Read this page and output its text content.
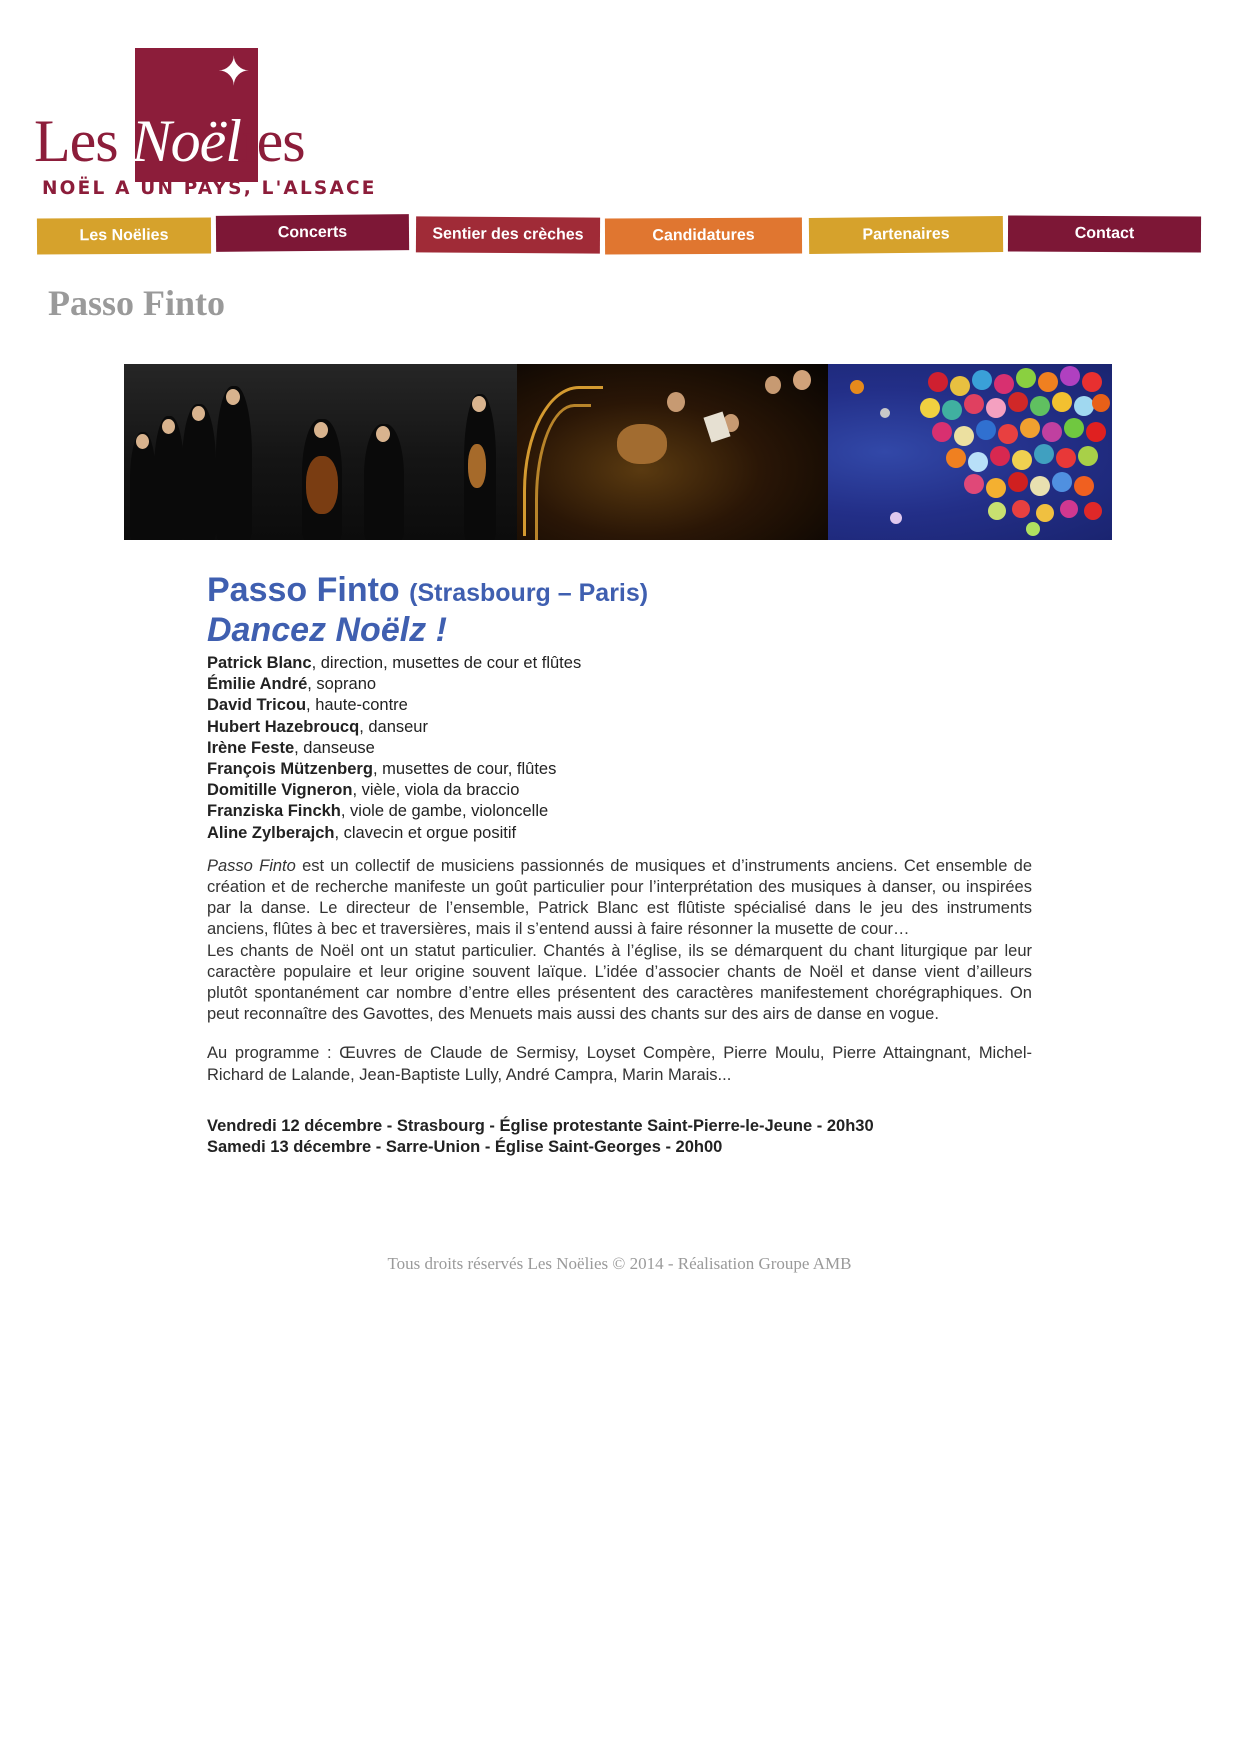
✦
Les Noëlies
NOËL A UN PAYS, L'ALSACE
Les Noëlies	Concerts	Sentier des crèches	Candidatures	Partenaires	Contact
Passo Finto
Passo Finto (Strasbourg – Paris)
Dancez Noëlz !
Patrick Blanc, direction, musettes de cour et flûtes
Émilie André, soprano
David Tricou, haute-contre
Hubert Hazebroucq, danseur
Irène Feste, danseuse
François Mützenberg, musettes de cour, flûtes
Domitille Vigneron, vièle, viola da braccio
Franziska Finckh, viole de gambe, violoncelle
Aline Zylberajch, clavecin et orgue positif

Passo Finto est un collectif de musiciens passionnés de musiques et d’instruments anciens. Cet ensemble de création et de recherche manifeste un goût particulier pour l’interprétation des musiques à danser, ou inspirées par la danse. Le directeur de l’ensemble, Patrick Blanc est flûtiste spécialisé dans le jeu des instruments anciens, flûtes à bec et traversières, mais il s’entend aussi à faire résonner la musette de cour…

Les chants de Noël ont un statut particulier. Chantés à l’église, ils se démarquent du chant liturgique par leur caractère populaire et leur origine souvent laïque. L’idée d’associer chants de Noël et danse vient d’ailleurs plutôt spontanément car nombre d’entre elles présentent des caractères manifestement chorégraphiques. On peut reconnaître des Gavottes, des Menuets mais aussi des chants sur des airs de danse en vogue.

Au programme : Œuvres de Claude de Sermisy, Loyset Compère, Pierre Moulu, Pierre Attaingnant, Michel-Richard de Lalande, Jean-Baptiste Lully, André Campra, Marin Marais...

Vendredi 12 décembre - Strasbourg - Église protestante Saint-Pierre-le-Jeune - 20h30
Samedi 13 décembre - Sarre-Union - Église Saint-Georges - 20h00
Tous droits réservés Les Noëlies © 2014 - Réalisation Groupe AMB
